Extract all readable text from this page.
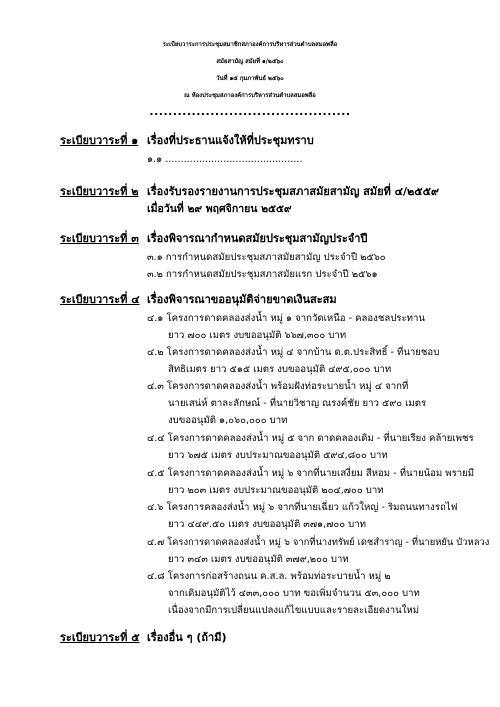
ระเบียบวาระการประชุมสมาชิกสภาองค์การบริหารส่วนตำบลสมอพลือ
สมัยสามัญ สมัยที่ ๑/๒๕๖๐
วันที่ ๑๕ กุมภาพันธ์ ๒๕๖๐
ณ ห้องประชุมสภาองค์การบริหารส่วนตำบลสมอพลือ
...........................................
ระเบียบวาระที่ ๑ เรื่องที่ประธานแจ้งให้ที่ประชุมทราบ
๑.๑ .............................................
ระเบียบวาระที่ ๒ เรื่องรับรองรายงานการประชุมสภาสมัยสามัญ สมัยที่ ๔/๒๕๕๙
เมื่อวันที่ ๒๙ พฤศจิกายน ๒๕๕๙
ระเบียบวาระที่ ๓ เรื่องพิจารณากำหนดสมัยประชุมสามัญประจำปี
๓.๑ การกำหนดสมัยประชุมสภาสมัยสามัญ ประจำปี ๒๕๖๐
๓.๒ การกำหนดสมัยประชุมสภาสมัยแรก ประจำปี ๒๕๖๑
ระเบียบวาระที่ ๔ เรื่องพิจารณาขออนุมัติจ่ายขาดเงินสะสม
๔.๑ โครงการดาดคลองส่งน้ำ หมู่ ๑ จากวัดเหนือ - คลองชลประทาน
ยาว ๗๐๐ เมตร งบขออนุมัติ ๖๖๗,๓๐๐ บาท
๔.๒ โครงการดาดคลองส่งน้ำ หมู่ ๔ จากบ้าน ด.ต.ประสิทธิ์ - ที่นายชอบ
สิทธิเมตร ยาว ๕๑๕ เมตร งบขออนุมัติ ๔๙๕,๐๐๐ บาท
๔.๓ โครงการดาดคลองส่งน้ำ พร้อมฝังท่อระบายน้ำ หมู่ ๔ จากที่
นายเสน่ห์ ตาละลักษณ์ - ที่นายวิชาญ ณรงค์ชัย ยาว ๕๙๐ เมตร
งบขออนุมัติ ๑,๐๖๐,๐๐๐ บาท
๔.๔ โครงการดาดคลองส่งน้ำ หมู่ ๕ จาก ดาดคลองเดิม - ที่นายเรียง คล้ายเพชร
ยาว ๖๗๕ เมตร งบประมาณขออนุมัติ ๕๙๔,๘๐๐ บาท
๔.๕ โครงการดาดคลองส่งน้ำ หมู่ ๖ จากที่นายเสงี่ยม สีหอม - ที่นายน้อม พรายมี
ยาว ๒๐๓ เมตร งบประมาณขออนุมัติ ๒๐๔,๗๐๐ บาท
๔.๖ โครงการคลองส่งน้ำ หมู่ ๖ จากที่นายเฉี่ยว แก้วใหญ่ - ริมถนนทางรถไฟ
ยาว ๔๔๙.๕๐ เมตร งบขออนุมัติ ๓๗๑,๗๐๐ บาท
๔.๗ โครงการดาดคลองส่งน้ำ หมู่ ๖ จากที่นางทรัพย์ เดชสำราญ - ที่นายหยัน บัวหลวง
ยาว ๓๔๓ เมตร งบขออนุมัติ ๓๗๙,๒๐๐ บาท
๔.๘ โครงการก่อสร้างถนน ค.ส.ล. พร้อมท่อระบายน้ำ หมู่ ๒
จากเดิมอนุมัติไว้ ๔๓๓,๐๐๐ บาท ขอเพิ่มจำนวน ๕๓,๐๐๐ บาท
เนื่องจากมีการเปลี่ยนแปลงแก้ไขแบบและรายละเอียดงานใหม่
ระเบียบวาระที่ ๕ เรื่องอื่น ๆ (ถ้ามี)
